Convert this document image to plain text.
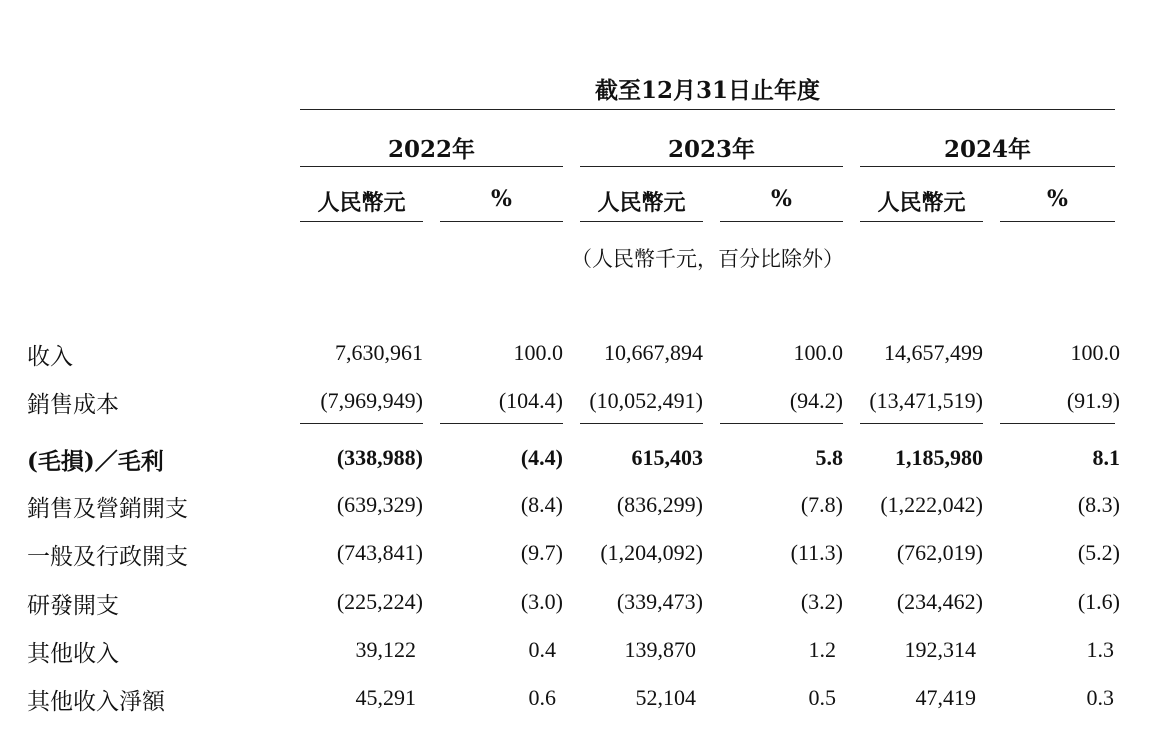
截至12月31日止年度
2022年	2023年	2024年
人民幣元	%	人民幣元	%	人民幣元	%
（人民幣千元，百分比除外）
收入	7,630,961	100.0	10,667,894	100.0	14,657,499	100.0
銷售成本	(7,969,949)	(104.4)	(10,052,491)	(94.2)	(13,471,519)	(91.9)
(毛損)／毛利	(338,988)	(4.4)	615,403	5.8	1,185,980	8.1
銷售及營銷開支	(639,329)	(8.4)	(836,299)	(7.8)	(1,222,042)	(8.3)
一般及行政開支	(743,841)	(9.7)	(1,204,092)	(11.3)	(762,019)	(5.2)
研發開支	(225,224)	(3.0)	(339,473)	(3.2)	(234,462)	(1.6)
其他收入	39,122	0.4	139,870	1.2	192,314	1.3
其他收入淨額	45,291	0.6	52,104	0.5	47,419	0.3
